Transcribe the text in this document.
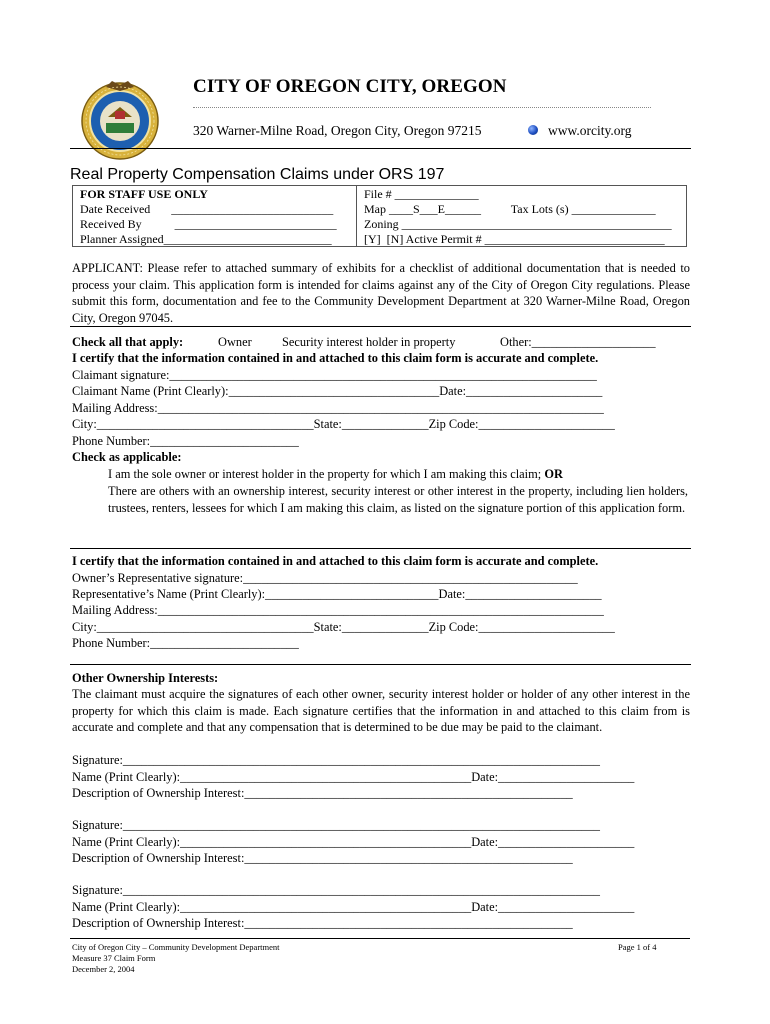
CITY OF OREGON CITY, OREGON
320 Warner-Milne Road, Oregon City, Oregon 97215	www.orcity.org
Real Property Compensation Claims under ORS 197
FOR STAFF USE ONLY
Date Received       ___________________________
Received By           ___________________________
Planner Assigned____________________________
File # ______________
Map ____S___E______          Tax Lots (s) ______________
Zoning _____________________________________________
[Y]  [N] Active Permit # ______________________________
APPLICANT: Please refer to attached summary of exhibits for a checklist of additional documentation that is needed to process your claim. This application form is intended for claims against any of the City of Oregon City regulations. Please submit this form, documentation and fee to the Community Development Department at 320 Warner-Milne Road, Oregon City, Oregon 97045.
Check all that apply:	Owner Security interest holder in property	Other:____________________
I certify that the information contained in and attached to this claim form is accurate and complete.
Claimant signature:_____________________________________________________________________
Claimant Name (Print Clearly):__________________________________Date:______________________
Mailing Address:________________________________________________________________________
City:___________________________________State:______________Zip Code:______________________
Phone Number:________________________
Check as applicable:
I am the sole owner or interest holder in the property for which I am making this claim; OR
There are others with an ownership interest, security interest or other interest in the property, including lien holders, trustees, renters, lessees for which I am making this claim, as listed on the signature portion of this application form.
I certify that the information contained in and attached to this claim form is accurate and complete.
Owner’s Representative signature:______________________________________________________
Representative’s Name (Print Clearly):____________________________Date:______________________
Mailing Address:________________________________________________________________________
City:___________________________________State:______________Zip Code:______________________
Phone Number:________________________
Other Ownership Interests:
The claimant must acquire the signatures of each other owner, security interest holder or holder of any other interest in the property for which this claim is made. Each signature certifies that the information in and attached to this claim from is accurate and complete and that any compensation that is determined to be due may be paid to the claimant.
Signature:_____________________________________________________________________________
Name (Print Clearly):_______________________________________________Date:______________________
Description of Ownership Interest:_____________________________________________________
Signature:_____________________________________________________________________________
Name (Print Clearly):_______________________________________________Date:______________________
Description of Ownership Interest:_____________________________________________________
Signature:_____________________________________________________________________________
Name (Print Clearly):_______________________________________________Date:______________________
Description of Ownership Interest:_____________________________________________________
City of Oregon City – Community Development Department
Measure 37 Claim Form
December 2, 2004
Page 1 of 4
